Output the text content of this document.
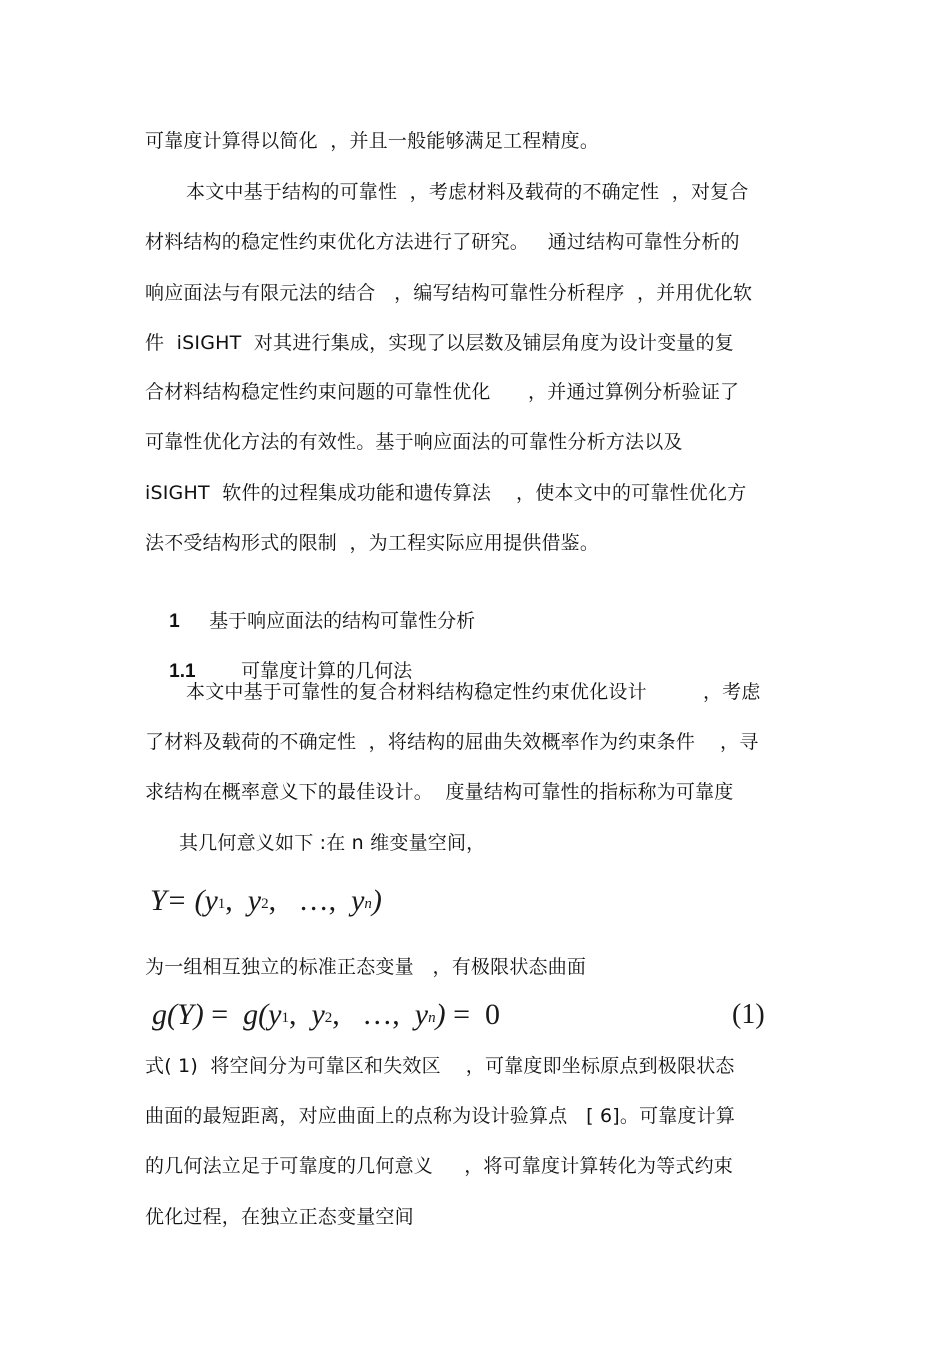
可靠度计算得以简化  ，并且一般能够满足工程精度。
本文中基于结构的可靠性  ，考虑材料及载荷的不确定性  ，对复合
材料结构的稳定性约束优化方法进行了研究。   通过结构可靠性分析的
响应面法与有限元法的结合   ，编写结构可靠性分析程序  ，并用优化软
件  iSIGHT  对其进行集成，实现了以层数及铺层角度为设计变量的复
合材料结构稳定性约束问题的可靠性优化      ，并通过算例分析验证了
可靠性优化方法的有效性。基于响应面法的可靠性分析方法以及
iSIGHT  软件的过程集成功能和遗传算法    ，使本文中的可靠性优化方
法不受结构形式的限制  ，为工程实际应用提供借鉴。

1 基于响应面法的结构可靠性分析

1.1 可靠度计算的几何法

本文中基于可靠性的复合材料结构稳定性约束优化设计         ，考虑
了材料及载荷的不确定性  ，将结构的屈曲失效概率作为约束条件    ，寻
求结构在概率意义下的最佳设计。  度量结构可靠性的指标称为可靠度
其几何意义如下 :在 n 维变量空间，
$Y= (y_1$, $y_2$, …, $y_n$)
为一组相互独立的标准正态变量   ，有极限状态曲面
$g(Y) = g(y_1$, $y_2$, …, $y_n) = 0$	(1)
式( 1)  将空间分为可靠区和失效区    ，可靠度即坐标原点到极限状态
曲面的最短距离，对应曲面上的点称为设计验算点   [ 6]。可靠度计算
的几何法立足于可靠度的几何意义     ，将可靠度计算转化为等式约束
优化过程，在独立正态变量空间
